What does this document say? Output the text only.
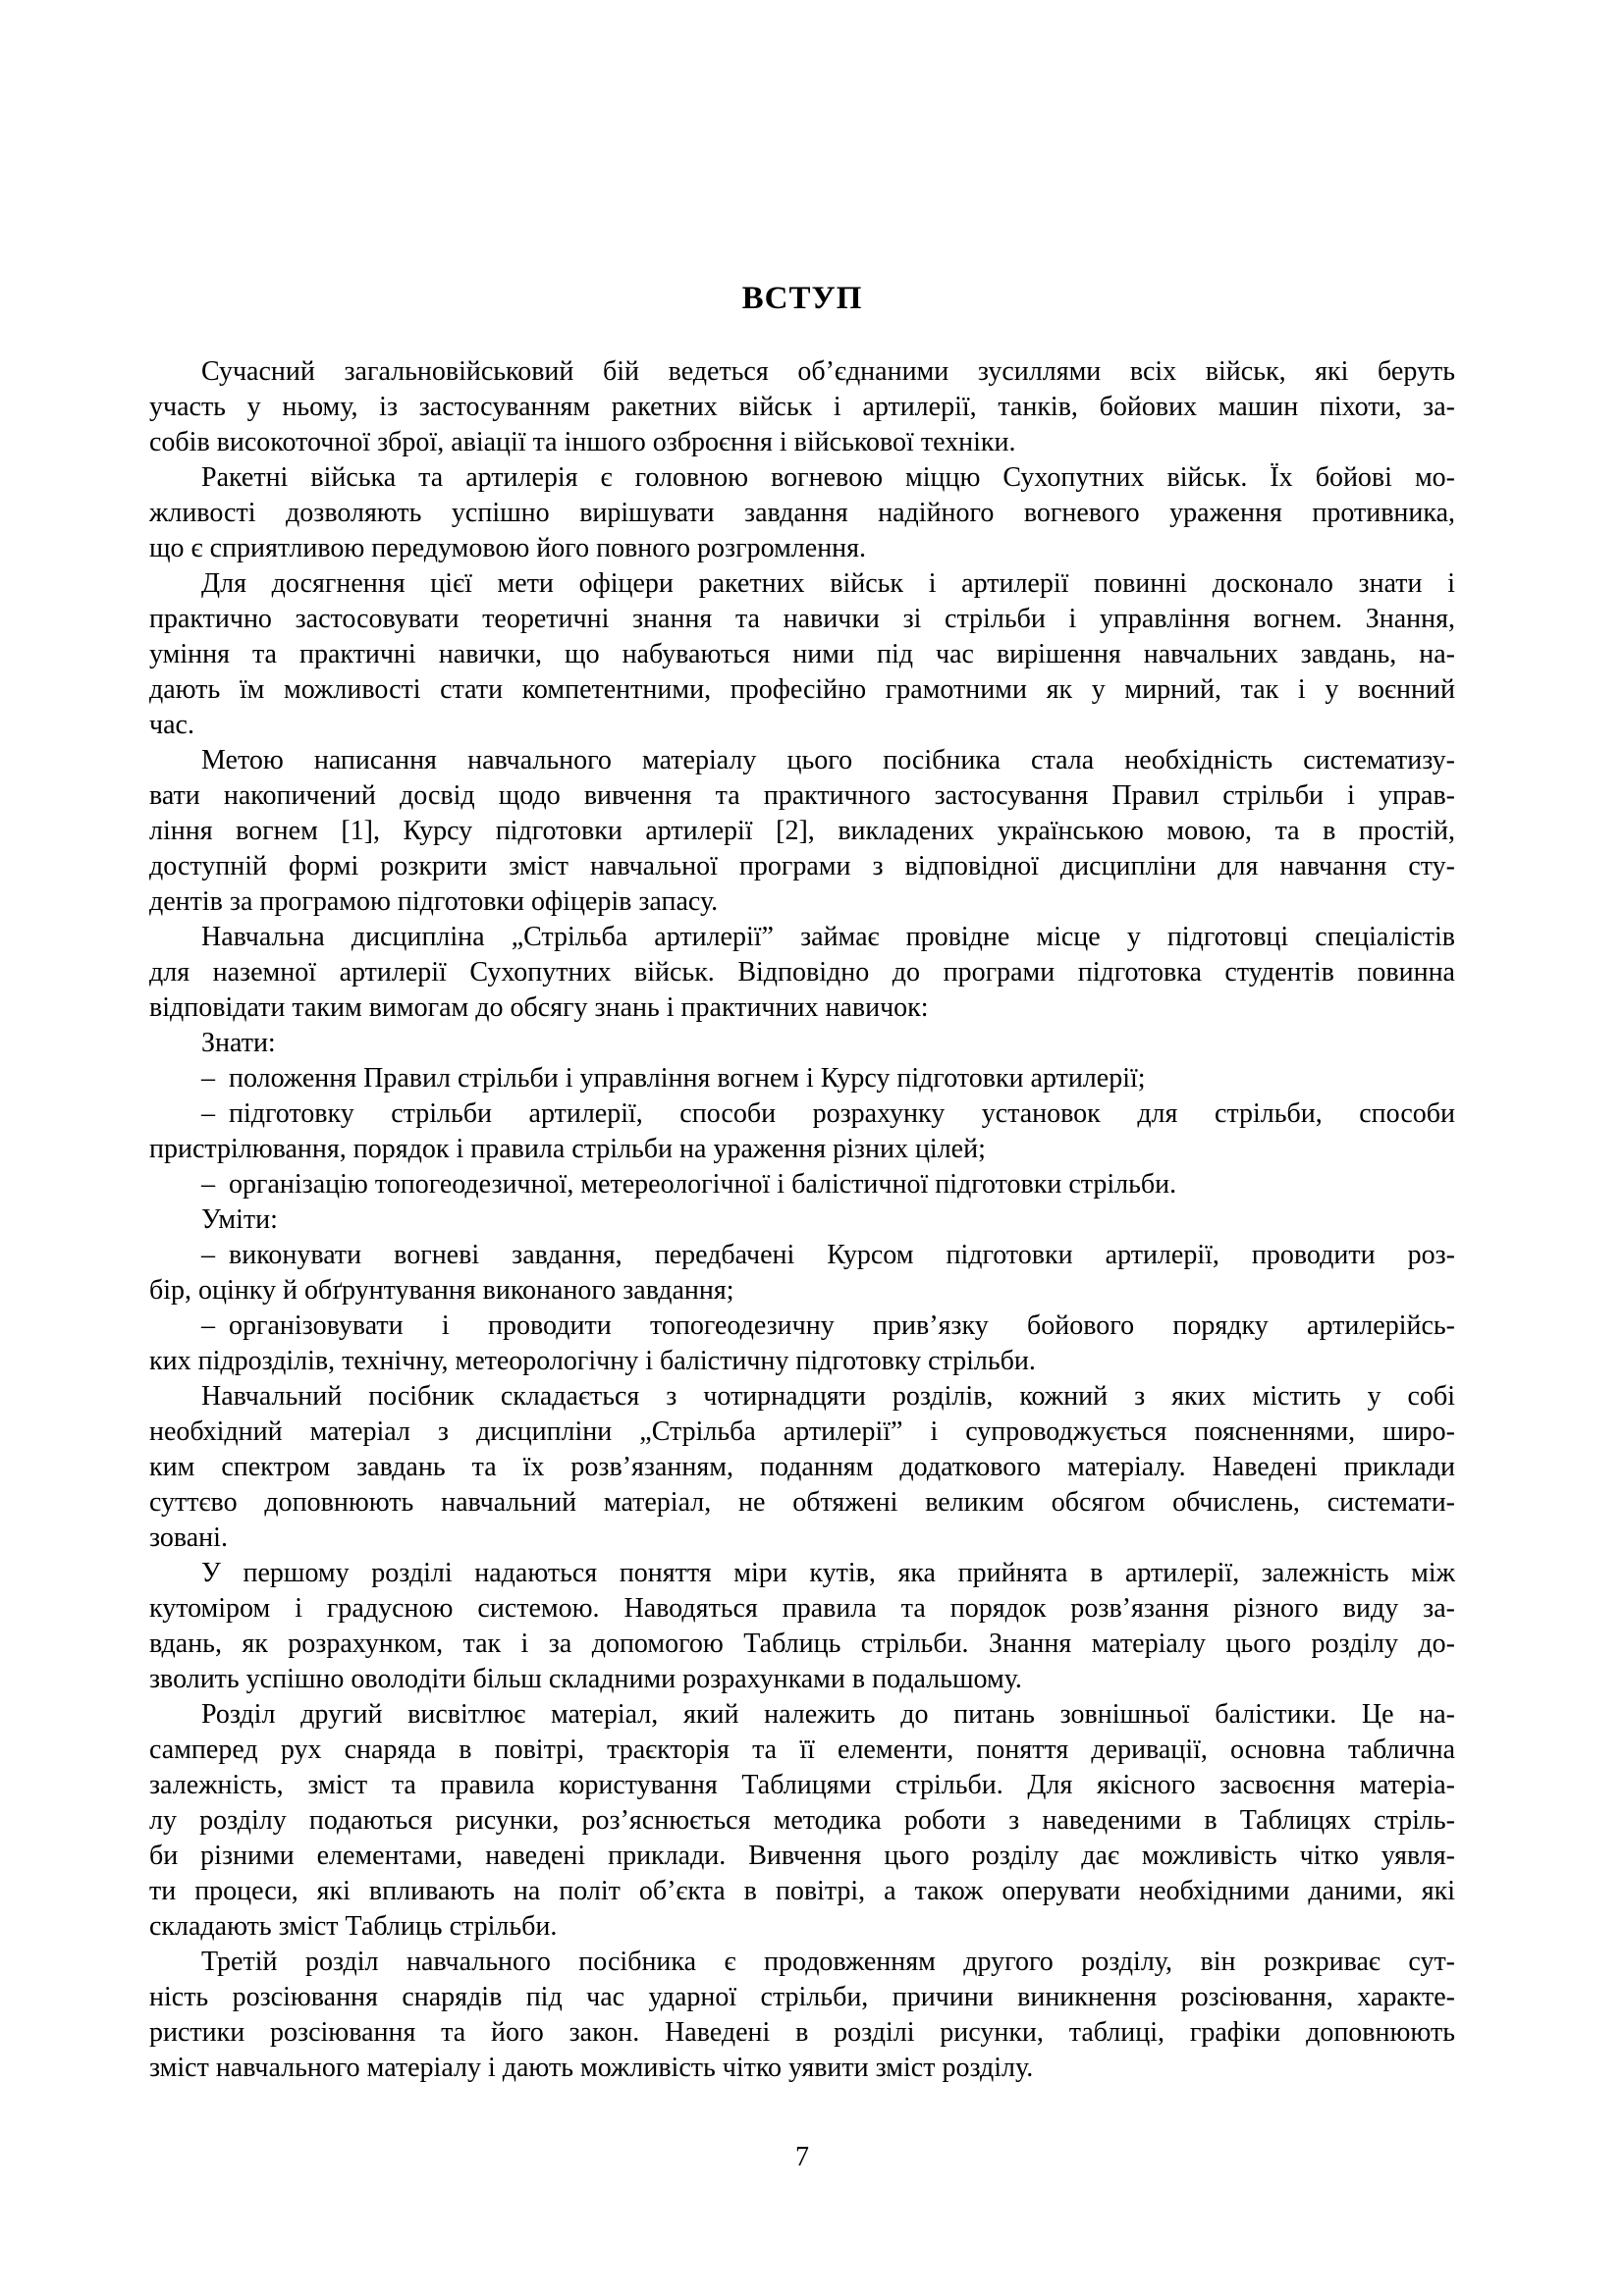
ВСТУП

Сучасний загальновійськовий бій ведеться об’єднаними зусиллями всіх військ, які беруть
участь у ньому, із застосуванням ракетних військ і артилерії, танків, бойових машин піхоти, за-
собів високоточної зброї, авіації та іншого озброєння і військової техніки.

Ракетні війська та артилерія є головною вогневою міццю Сухопутних військ. Їх бойові мо-
жливості дозволяють успішно вирішувати завдання надійного вогневого ураження противника,
що є сприятливою передумовою його повного розгромлення.

Для досягнення цієї мети офіцери ракетних військ і артилерії повинні досконало знати і
практично застосовувати теоретичні знання та навички зі стрільби і управління вогнем. Знання,
уміння та практичні навички, що набуваються ними під час вирішення навчальних завдань, на-
дають їм можливості стати компетентними, професійно грамотними як у мирний, так і у воєнний
час.

Метою написання навчального матеріалу цього посібника стала необхідність систематизу-
вати накопичений досвід щодо вивчення та практичного застосування Правил стрільби і управ-
ління вогнем [1], Курсу підготовки артилерії [2], викладених українською мовою, та в простій,
доступній формі розкрити зміст навчальної програми з відповідної дисципліни для навчання сту-
дентів за програмою підготовки офіцерів запасу.

Навчальна дисципліна „Стрільба артилерії” займає провідне місце у підготовці спеціалістів
для наземної артилерії Сухопутних військ. Відповідно до програми підготовка студентів повинна
відповідати таким вимогам до обсягу знань і практичних навичок:

Знати:

– положення Правил стрільби і управління вогнем і Курсу підготовки артилерії;

– підготовку стрільби артилерії, способи розрахунку установок для стрільби, способи
пристрілювання, порядок і правила стрільби на ураження різних цілей;

– організацію топогеодезичної, метереологічної і балістичної підготовки стрільби.

Уміти:

– виконувати вогневі завдання, передбачені Курсом підготовки артилерії, проводити роз-
бір, оцінку й обґрунтування виконаного завдання;

– організовувати і проводити топогеодезичну прив’язку бойового порядку артилерійсь-
ких підрозділів, технічну, метеорологічну і балістичну підготовку стрільби.

Навчальний посібник складається з чотирнадцяти розділів, кожний з яких містить у собі
необхідний матеріал з дисципліни „Стрільба артилерії” і супроводжується поясненнями, широ-
ким спектром завдань та їх розв’язанням, поданням додаткового матеріалу. Наведені приклади
суттєво доповнюють навчальний матеріал, не обтяжені великим обсягом обчислень, системати-
зовані.

У першому розділі надаються поняття міри кутів, яка прийнята в артилерії, залежність між
кутоміром і градусною системою. Наводяться правила та порядок розв’язання різного виду за-
вдань, як розрахунком, так і за допомогою Таблиць стрільби. Знання матеріалу цього розділу до-
зволить успішно оволодіти більш складними розрахунками в подальшому.

Розділ другий висвітлює матеріал, який належить до питань зовнішньої балістики. Це на-
самперед рух снаряда в повітрі, траєкторія та її елементи, поняття деривації, основна таблична
залежність, зміст та правила користування Таблицями стрільби. Для якісного засвоєння матеріа-
лу розділу подаються рисунки, роз’яснюється методика роботи з наведеними в Таблицях стріль-
би різними елементами, наведені приклади. Вивчення цього розділу дає можливість чітко уявля-
ти процеси, які впливають на політ об’єкта в повітрі, а також оперувати необхідними даними, які
складають зміст Таблиць стрільби.

Третій розділ навчального посібника є продовженням другого розділу, він розкриває сут-
ність розсіювання снарядів під час ударної стрільби, причини виникнення розсіювання, характе-
ристики розсіювання та його закон. Наведені в розділі рисунки, таблиці, графіки доповнюють
зміст навчального матеріалу і дають можливість чітко уявити зміст розділу.

7
